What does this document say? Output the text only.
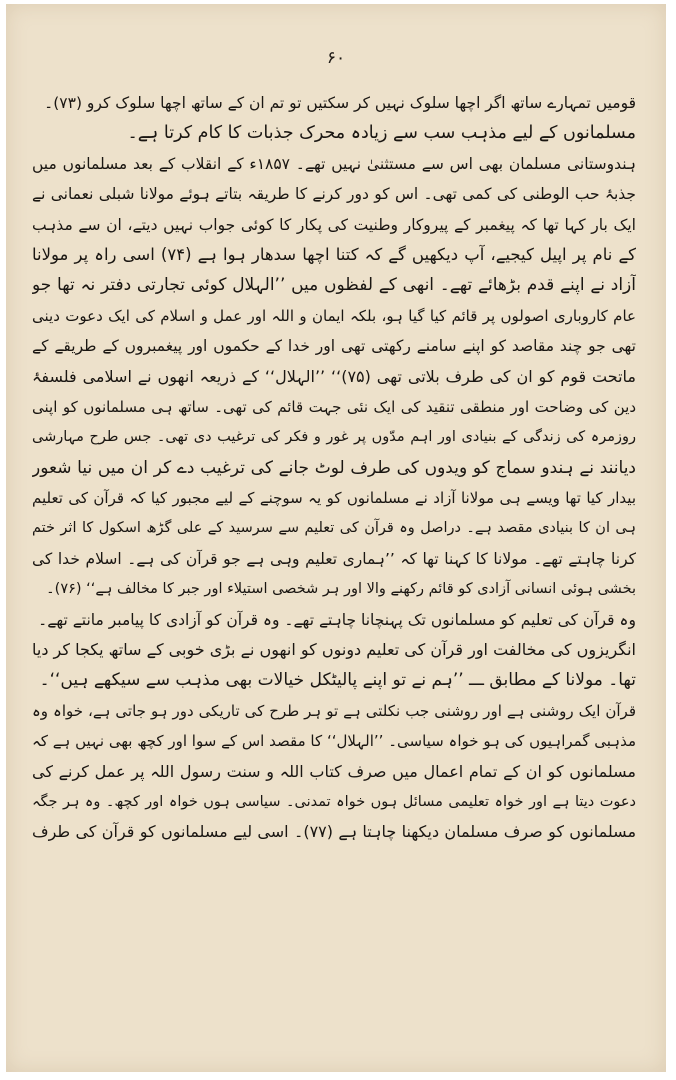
۶۰
قومیں تمہارے ساتھ اگر اچھا سلوک نہیں کر سکتیں تو تم ان کے ساتھ اچھا سلوک کرو (۷۳)۔
مسلمانوں کے لیے مذہب سب سے زیادہ محرک جذبات کا کام کرتا ہے۔
ہندوستانی مسلمان بھی اس سے مستثنیٰ نہیں تھے۔ ۱۸۵۷ء کے انقلاب کے بعد مسلمانوں میں
جذبۂ حب الوطنی کی کمی تھی۔ اس کو دور کرنے کا طریقہ بتاتے ہوئے مولانا شبلی نعمانی نے
ایک بار کہا تھا کہ پیغمبر کے پیروکار وطنیت کی پکار کا کوئی جواب نہیں دیتے، ان سے مذہب
کے نام پر اپیل کیجیے، آپ دیکھیں گے کہ کتنا اچھا سدھار ہوا ہے (۷۴) اسی راہ پر مولانا
آزاد نے اپنے قدم بڑھائے تھے۔ انھی کے لفظوں میں ’’الہلال کوئی تجارتی دفتر نہ تھا جو
عام کاروباری اصولوں پر قائم کیا گیا ہو، بلکہ ایمان و اللہ اور عمل و اسلام کی ایک دعوت دینی
تھی جو چند مقاصد کو اپنے سامنے رکھتی تھی اور خدا کے حکموں اور پیغمبروں کے طریقے کے
ماتحت قوم کو ان کی طرف بلاتی تھی (۷۵)‘‘ ’’الہلال‘‘ کے ذریعہ انھوں نے اسلامی فلسفۂ
دین کی وضاحت اور منطقی تنقید کی ایک نئی جہت قائم کی تھی۔ ساتھ ہی مسلمانوں کو اپنی
روزمرہ کی زندگی کے بنیادی اور اہم مدّوں پر غور و فکر کی ترغیب دی تھی۔ جس طرح مہارشی
دیانند نے ہندو سماج کو ویدوں کی طرف لوٹ جانے کی ترغیب دے کر ان میں نیا شعور
بیدار کیا تھا ویسے ہی مولانا آزاد نے مسلمانوں کو یہ سوچنے کے لیے مجبور کیا کہ قرآن کی تعلیم
ہی ان کا بنیادی مقصد ہے۔ دراصل وہ قرآن کی تعلیم سے سرسید کے علی گڑھ اسکول کا اثر ختم
کرنا چاہتے تھے۔ مولانا کا کہنا تھا کہ ’’ہماری تعلیم وہی ہے جو قرآن کی ہے۔ اسلام خدا کی
بخشی ہوئی انسانی آزادی کو قائم رکھنے والا اور ہر شخصی استیلاء اور جبر کا مخالف ہے‘‘ (۷۶)۔
وہ قرآن کی تعلیم کو مسلمانوں تک پہنچانا چاہتے تھے۔ وہ قرآن کو آزادی کا پیامبر مانتے تھے۔
انگریزوں کی مخالفت اور قرآن کی تعلیم دونوں کو انھوں نے بڑی خوبی کے ساتھ یکجا کر دیا
تھا۔ مولانا کے مطابق ـــ ’’ہم نے تو اپنے پالیٹکل خیالات بھی مذہب سے سیکھے ہیں‘‘۔
قرآن ایک روشنی ہے اور روشنی جب نکلتی ہے تو ہر طرح کی تاریکی دور ہو جاتی ہے، خواہ وہ
مذہبی گمراہیوں کی ہو خواہ سیاسی۔ ’’الہلال‘‘ کا مقصد اس کے سوا اور کچھ بھی نہیں ہے کہ
مسلمانوں کو ان کے تمام اعمال میں صرف کتاب اللہ و سنت رسول اللہ پر عمل کرنے کی
دعوت دیتا ہے اور خواہ تعلیمی مسائل ہوں خواہ تمدنی۔ سیاسی ہوں خواہ اور کچھ۔ وہ ہر جگہ
مسلمانوں کو صرف مسلمان دیکھنا چاہتا ہے (۷۷)۔ اسی لیے مسلمانوں کو قرآن کی طرف
